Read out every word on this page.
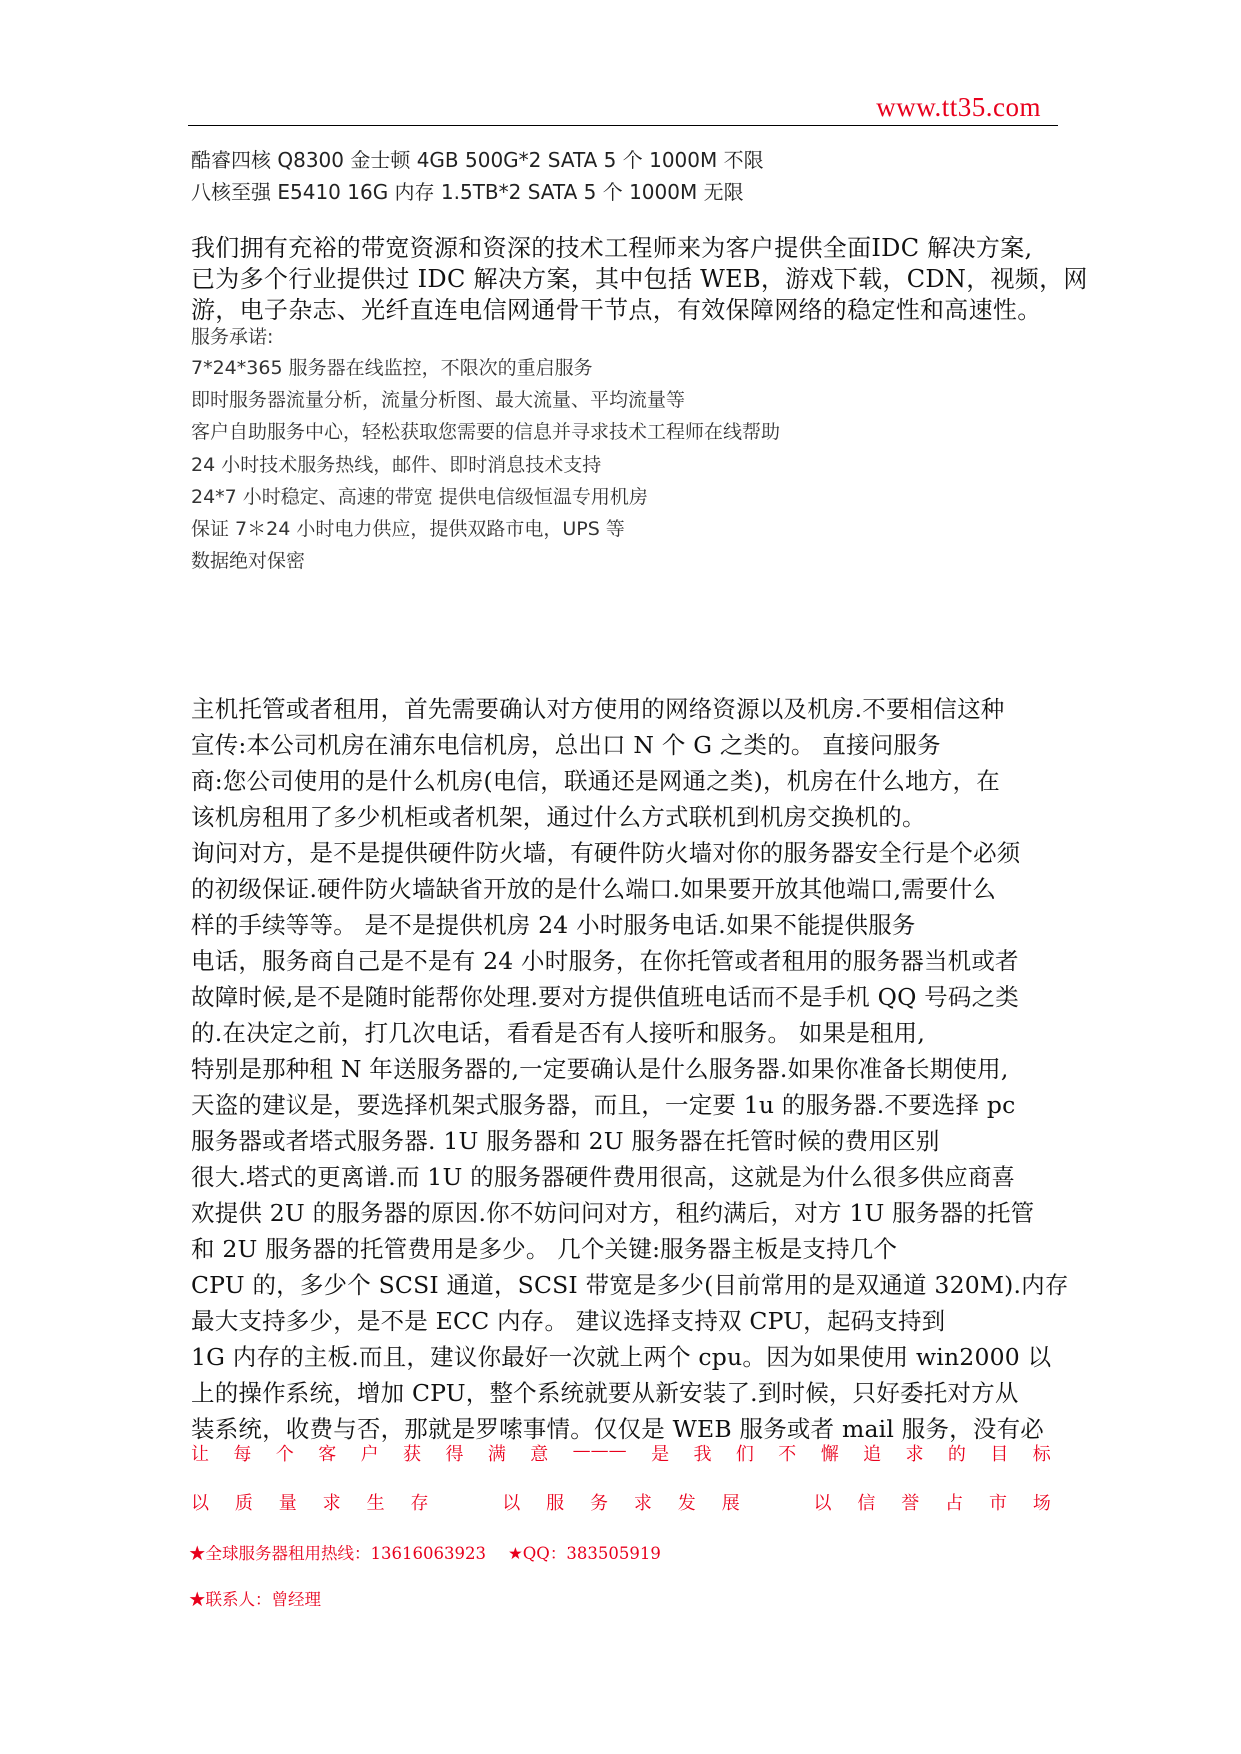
www.tt35.com
酷睿四核 Q8300 金士顿 4GB 500G*2 SATA 5 个 1000M 不限
八核至强 E5410 16G 内存 1.5TB*2 SATA 5 个 1000M 无限
我们拥有充裕的带宽资源和资深的技术工程师来为客户提供全面IDC 解决方案,
已为多个行业提供过 IDC 解决方案，其中包括 WEB，游戏下载，CDN，视频，网
游，电子杂志、光纤直连电信网通骨干节点，有效保障网络的稳定性和高速性。
服务承诺:
7*24*365 服务器在线监控，不限次的重启服务
即时服务器流量分析，流量分析图、最大流量、平均流量等
客户自助服务中心，轻松获取您需要的信息并寻求技术工程师在线帮助
24 小时技术服务热线，邮件、即时消息技术支持
24*7 小时稳定、高速的带宽 提供电信级恒温专用机房
保证 7＊24 小时电力供应，提供双路市电，UPS 等
数据绝对保密
主机托管或者租用，首先需要确认对方使用的网络资源以及机房.不要相信这种
宣传:本公司机房在浦东电信机房，总出口 N 个 G 之类的。 直接问服务
商:您公司使用的是什么机房(电信，联通还是网通之类)，机房在什么地方，在
该机房租用了多少机柜或者机架，通过什么方式联机到机房交换机的。
询问对方，是不是提供硬件防火墙，有硬件防火墙对你的服务器安全行是个必须
的初级保证.硬件防火墙缺省开放的是什么端口.如果要开放其他端口,需要什么
样的手续等等。 是不是提供机房 24 小时服务电话.如果不能提供服务
电话，服务商自己是不是有 24 小时服务，在你托管或者租用的服务器当机或者
故障时候,是不是随时能帮你处理.要对方提供值班电话而不是手机 QQ 号码之类
的.在决定之前，打几次电话，看看是否有人接听和服务。 如果是租用,
特别是那种租 N 年送服务器的,一定要确认是什么服务器.如果你准备长期使用,
天盗的建议是，要选择机架式服务器，而且，一定要 1u 的服务器.不要选择 pc
服务器或者塔式服务器. 1U 服务器和 2U 服务器在托管时候的费用区别
很大.塔式的更离谱.而 1U 的服务器硬件费用很高，这就是为什么很多供应商喜
欢提供 2U 的服务器的原因.你不妨问问对方，租约满后，对方 1U 服务器的托管
和 2U 服务器的托管费用是多少。 几个关键:服务器主板是支持几个
CPU 的，多少个 SCSI 通道，SCSI 带宽是多少(目前常用的是双通道 320M).内存
最大支持多少，是不是 ECC 内存。 建议选择支持双 CPU，起码支持到
1G 内存的主板.而且，建议你最好一次就上两个 cpu。因为如果使用 win2000 以
上的操作系统，增加 CPU，整个系统就要从新安装了.到时候，只好委托对方从
装系统，收费与否，那就是罗嗦事情。仅仅是 WEB 服务或者 mail 服务，没有必
让 每 个 客 户 获 得 满 意 ——— 是 我 们 不 懈 追 求 的 目 标
以 质 量 求 生 存	以 服 务 求 发 展	以 信 誉 占 市 场
★全球服务器租用热线：13616063923 ★QQ：383505919
★联系人：曾经理
